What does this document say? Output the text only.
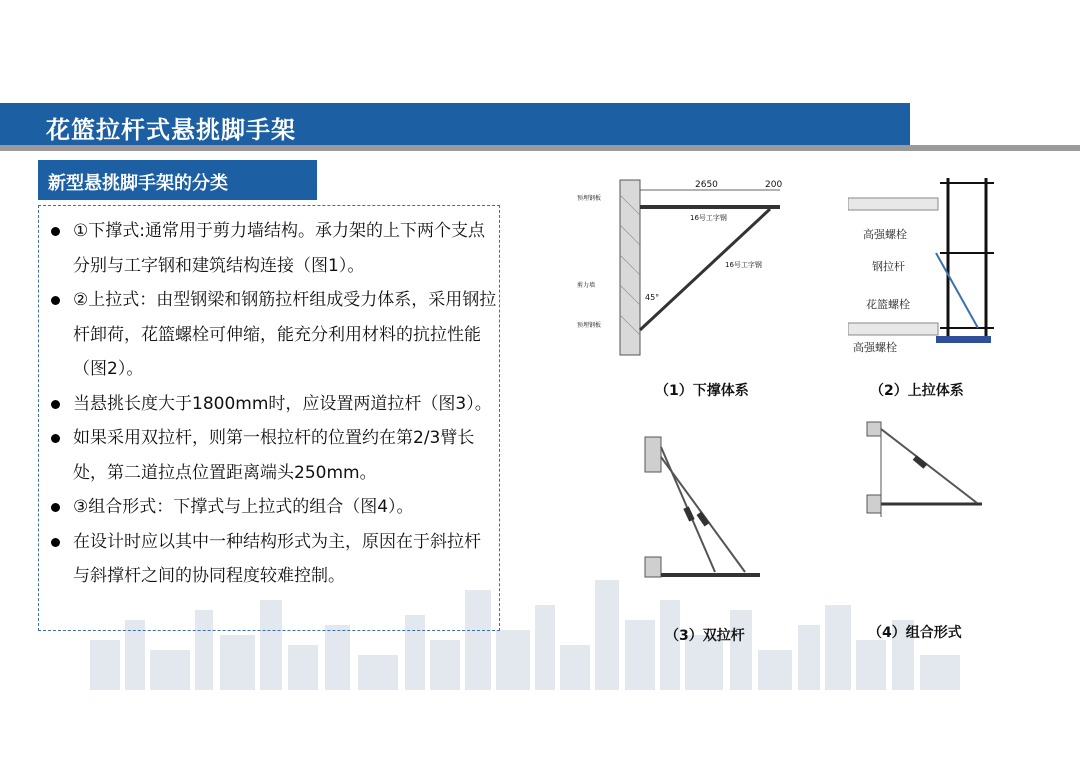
花篮拉杆式悬挑脚手架
新型悬挑脚手架的分类
①下撑式:通常用于剪力墙结构。承力架的上下两个支点分别与工字钢和建筑结构连接（图1）。
②上拉式：由型钢梁和钢筋拉杆组成受力体系，采用钢拉杆卸荷，花篮螺栓可伸缩，能充分利用材料的抗拉性能（图2）。
当悬挑长度大于1800mm时，应设置两道拉杆（图3）。
如果采用双拉杆，则第一根拉杆的位置约在第2/3臂长处，第二道拉点位置距离端头250mm。
③组合形式：下撑式与上拉式的组合（图4）。
在设计时应以其中一种结构形式为主，原因在于斜拉杆与斜撑杆之间的协同程度较难控制。
2650	200
16号工字钢
16号工字钢
45°
预埋钢板
剪力墙
预埋钢板
（1）下撑体系
高强螺栓
钢拉杆
花篮螺栓
高强螺栓
（2）上拉体系
（3）双拉杆	（4）组合形式
